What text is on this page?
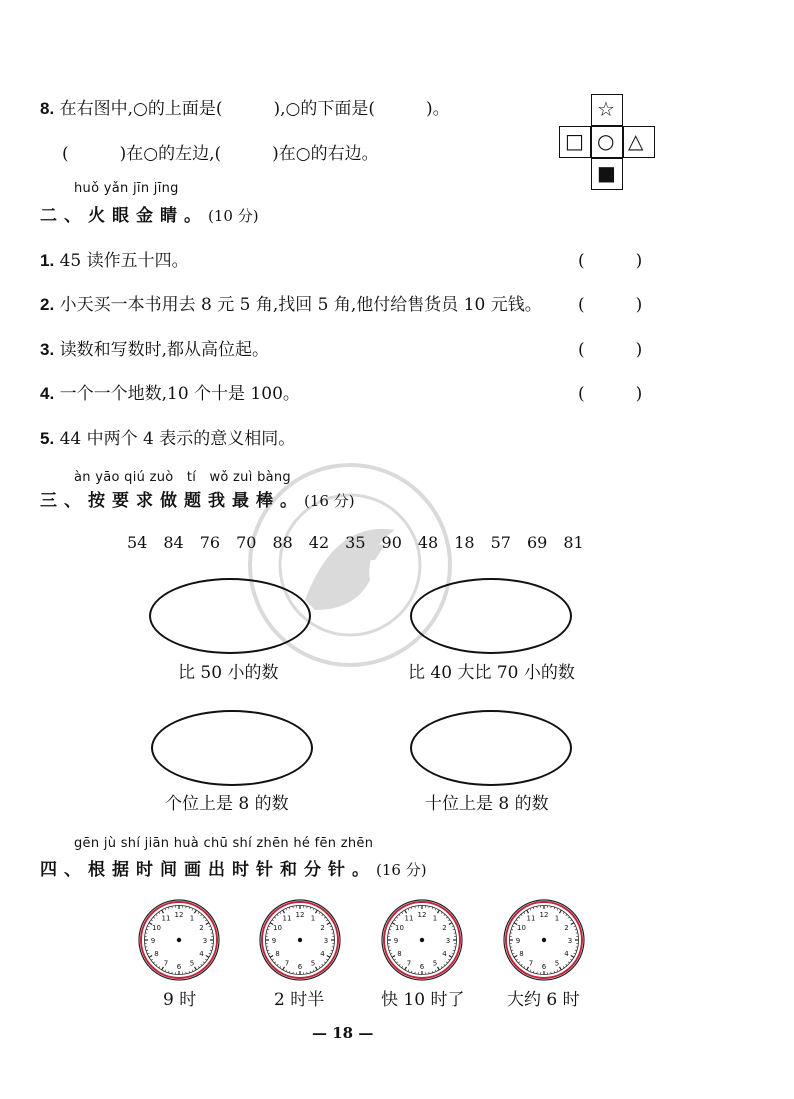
8. 在右图中,○的上面是(　　　),○的下面是(　　　)。
(　　　)在○的左边,(　　　)在○的右边。
☆
□ ○ △
■
huǒ yǎn jīn jīng
二、火眼金睛。(10 分)
1. 45 读作五十四。	(　　　)
2. 小天买一本书用去 8 元 5 角,找回 5 角,他付给售货员 10 元钱。 (　　　)
3. 读数和写数时,都从高位起。	(　　　)
4. 一个一个地数,10 个十是 100。	(　　　)
5. 44 中两个 4 表示的意义相同。
àn yāo qiú zuò　tí　wǒ zuì bàng
三、按要求做题我最棒。(16 分)
54　84　76　70　88　42　35　90　48　18　57　69　81
比 50 小的数	比 40 大比 70 小的数
个位上是 8 的数	十位上是 8 的数
gēn jù shí jiān huà chū shí zhēn hé fēn zhēn
四、根据时间画出时针和分针。(16 分)
12 1
2
3
4
5
6
7
8
9
10
11	12 1
2
3
4
5
6
7
8
9
10
11	12 1
2
3
4
5
6
7
8
9
10
11	12 1
2
3
4
5
6
7
8
9
10
11
9 时	2 时半	快 10 时了	大约 6 时
— 18 —
